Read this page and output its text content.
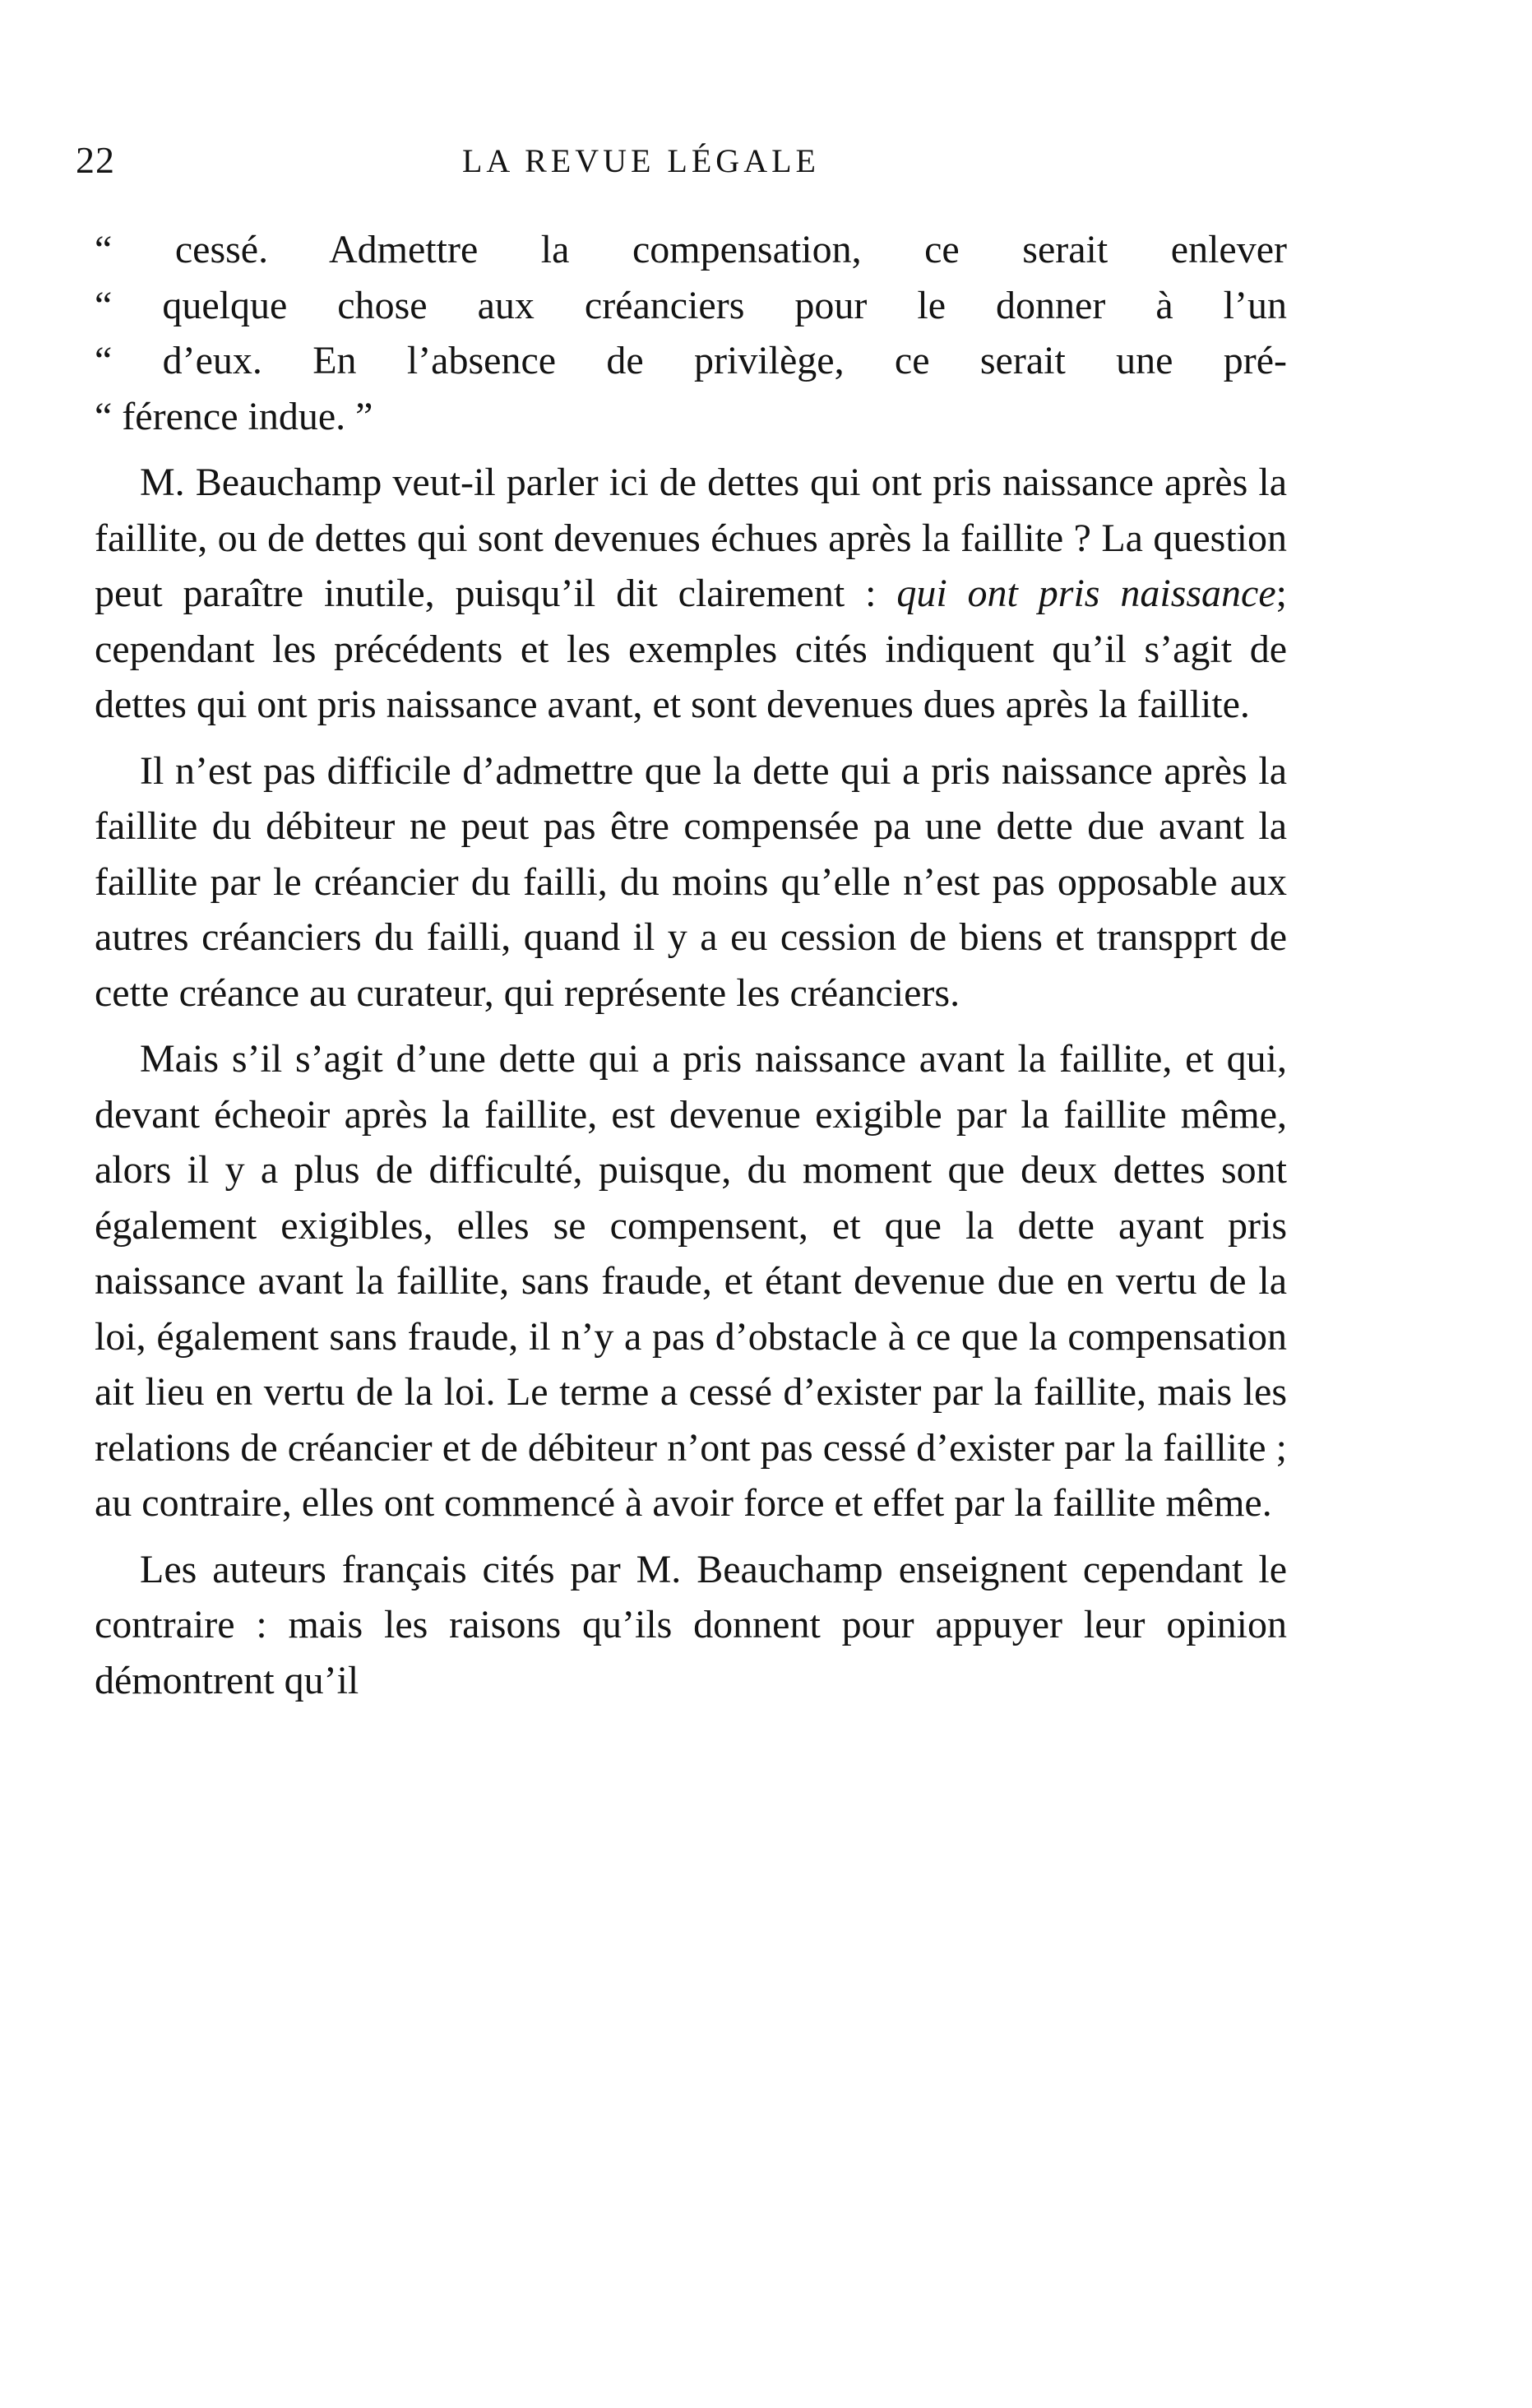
22	LA REVUE LÉGALE

“ cessé. Admettre la compensation, ce serait enlever
“ quelque chose aux créanciers pour le donner à l’un
“ d’eux. En l’absence de privilège, ce serait une pré-
“ férence indue. ”

M. Beauchamp veut-il parler ici de dettes qui ont pris naissance après la faillite, ou de dettes qui sont devenues échues après la faillite ? La question peut paraître inutile, puisqu’il dit clairement : qui ont pris naissance; cependant les précédents et les exemples cités indiquent qu’il s’agit de dettes qui ont pris naissance avant, et sont devenues dues après la faillite.

Il n’est pas difficile d’admettre que la dette qui a pris naissance après la faillite du débiteur ne peut pas être compensée pa une dette due avant la faillite par le créancier du failli, du moins qu’elle n’est pas opposable aux autres créanciers du failli, quand il y a eu cession de biens et transpprt de cette créance au curateur, qui représente les créanciers.

Mais s’il s’agit d’une dette qui a pris naissance avant la faillite, et qui, devant écheoir après la faillite, est devenue exigible par la faillite même, alors il y a plus de difficulté, puisque, du moment que deux dettes sont également exigibles, elles se compensent, et que la dette ayant pris naissance avant la faillite, sans fraude, et étant devenue due en vertu de la loi, également sans fraude, il n’y a pas d’obstacle à ce que la compensation ait lieu en vertu de la loi. Le terme a cessé d’exister par la faillite, mais les relations de créancier et de débiteur n’ont pas cessé d’exister par la faillite ; au contraire, elles ont commencé à avoir force et effet par la faillite même.

Les auteurs français cités par M. Beauchamp enseignent cependant le contraire : mais les raisons qu’ils donnent pour appuyer leur opinion démontrent qu’il
